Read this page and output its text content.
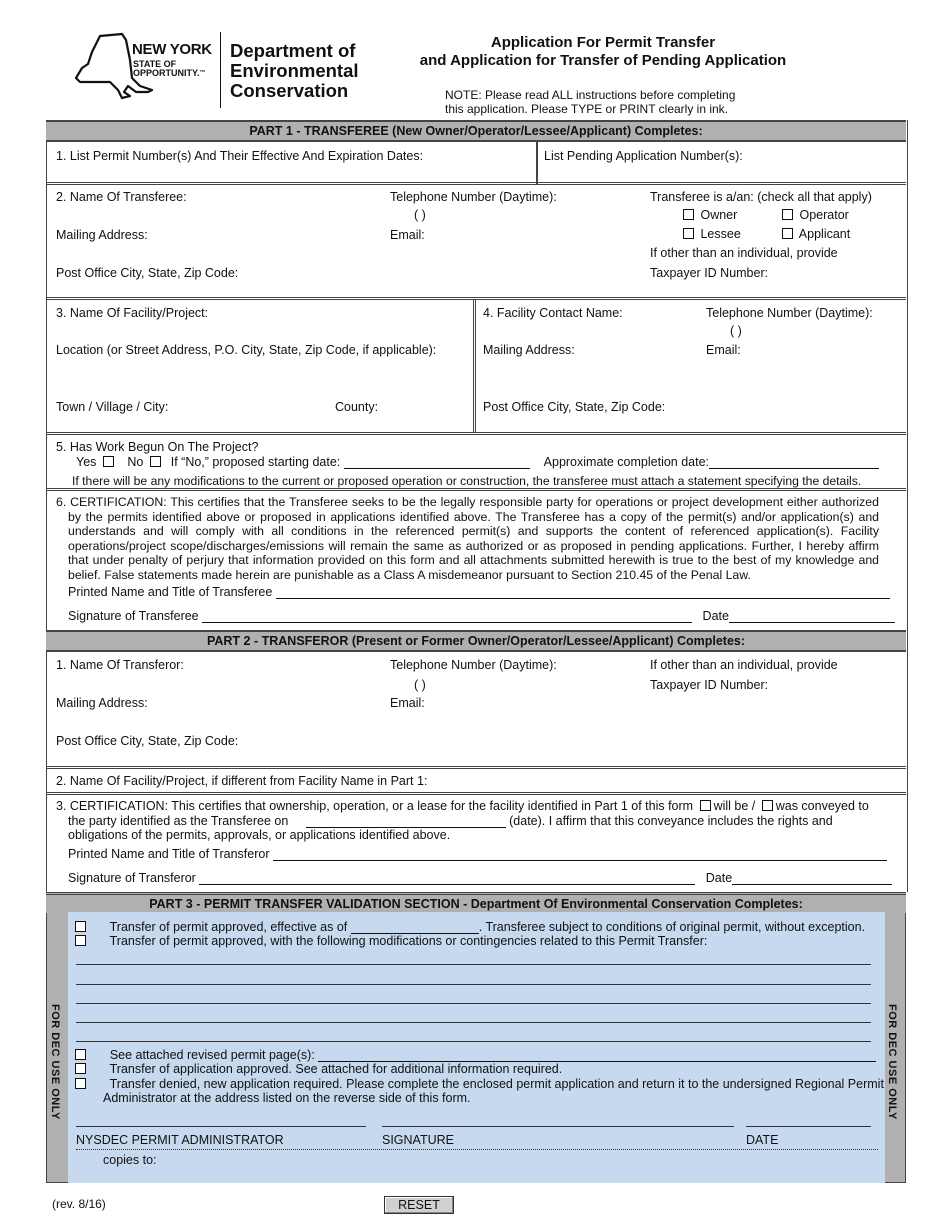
NEW YORK
STATE OF
OPPORTUNITY.™
Department of
Environmental
Conservation
Application For Permit Transfer
and Application for Transfer of Pending Application
NOTE: Please read ALL instructions before completing
this application. Please TYPE or PRINT clearly in ink.
PART 1 - TRANSFEREE (New Owner/Operator/Lessee/Applicant) Completes:
1. List Permit Number(s) And Their Effective And Expiration Dates:	List Pending Application Number(s):
2. Name Of Transferee:	Telephone Number (Daytime):
( )
Transferee is a/an: (check all that apply)
Owner	Operator
Lessee	Applicant
Mailing Address:	Email:
If other than an individual, provide
Post Office City, State, Zip Code:	Taxpayer ID Number:
3. Name Of Facility/Project:
Location (or Street Address, P.O. City, State, Zip Code, if applicable):
Town / Village / City:	County:
4. Facility Contact Name:	Telephone Number (Daytime):
( )
Mailing Address:	Email:
Post Office City, State, Zip Code:
5. Has Work Begun On The Project?
Yes No If “No,” proposed starting date:	Approximate completion date:
If there will be any modifications to the current or proposed operation or construction, the transferee must attach a statement specifying the details.
6. CERTIFICATION: This certifies that the Transferee seeks to be the legally responsible party for operations or project development either authorized by the permits identified above or proposed in applications identified above. The Transferee has a copy of the permit(s) and/or application(s) and understands and will comply with all conditions in the referenced permit(s) and supports the content of referenced application(s). Facility operations/project scope/discharges/emissions will remain the same as authorized or as proposed in pending applications. Further, I hereby affirm that under penalty of perjury that information provided on this form and all attachments submitted herewith is true to the best of my knowledge and belief. False statements made herein are punishable as a Class A misdemeanor pursuant to Section 210.45 of the Penal Law.
Printed Name and Title of Transferee
Signature of Transferee	Date
PART 2 - TRANSFEROR (Present or Former Owner/Operator/Lessee/Applicant) Completes:
1. Name Of Transferor:	Telephone Number (Daytime):	If other than an individual, provide
( )	Taxpayer ID Number:
Mailing Address:	Email:
Post Office City, State, Zip Code:
2. Name Of Facility/Project, if different from Facility Name in Part 1:
3. CERTIFICATION: This certifies that ownership, operation, or a lease for the facility identified in Part 1 of this form will be / was conveyed to
the party identified as the Transferee on	(date). I affirm that this conveyance includes the rights and
obligations of the permits, approvals, or applications identified above.
Printed Name and Title of Transferor
Signature of Transferor	Date
PART 3 - PERMIT TRANSFER VALIDATION SECTION - Department Of Environmental Conservation Completes:
FOR DEC USE ONLY	FOR DEC USE ONLY
Transfer of permit approved, effective as of	. Transferee subject to conditions of original permit, without exception.
Transfer of permit approved, with the following modifications or contingencies related to this Permit Transfer:
See attached revised permit page(s):
Transfer of application approved. See attached for additional information required.
Transfer denied, new application required. Please complete the enclosed permit application and return it to the undersigned Regional Permit
Administrator at the address listed on the reverse side of this form.
NYSDEC PERMIT ADMINISTRATOR	SIGNATURE	DATE
copies to:
(rev. 8/16)	RESET
